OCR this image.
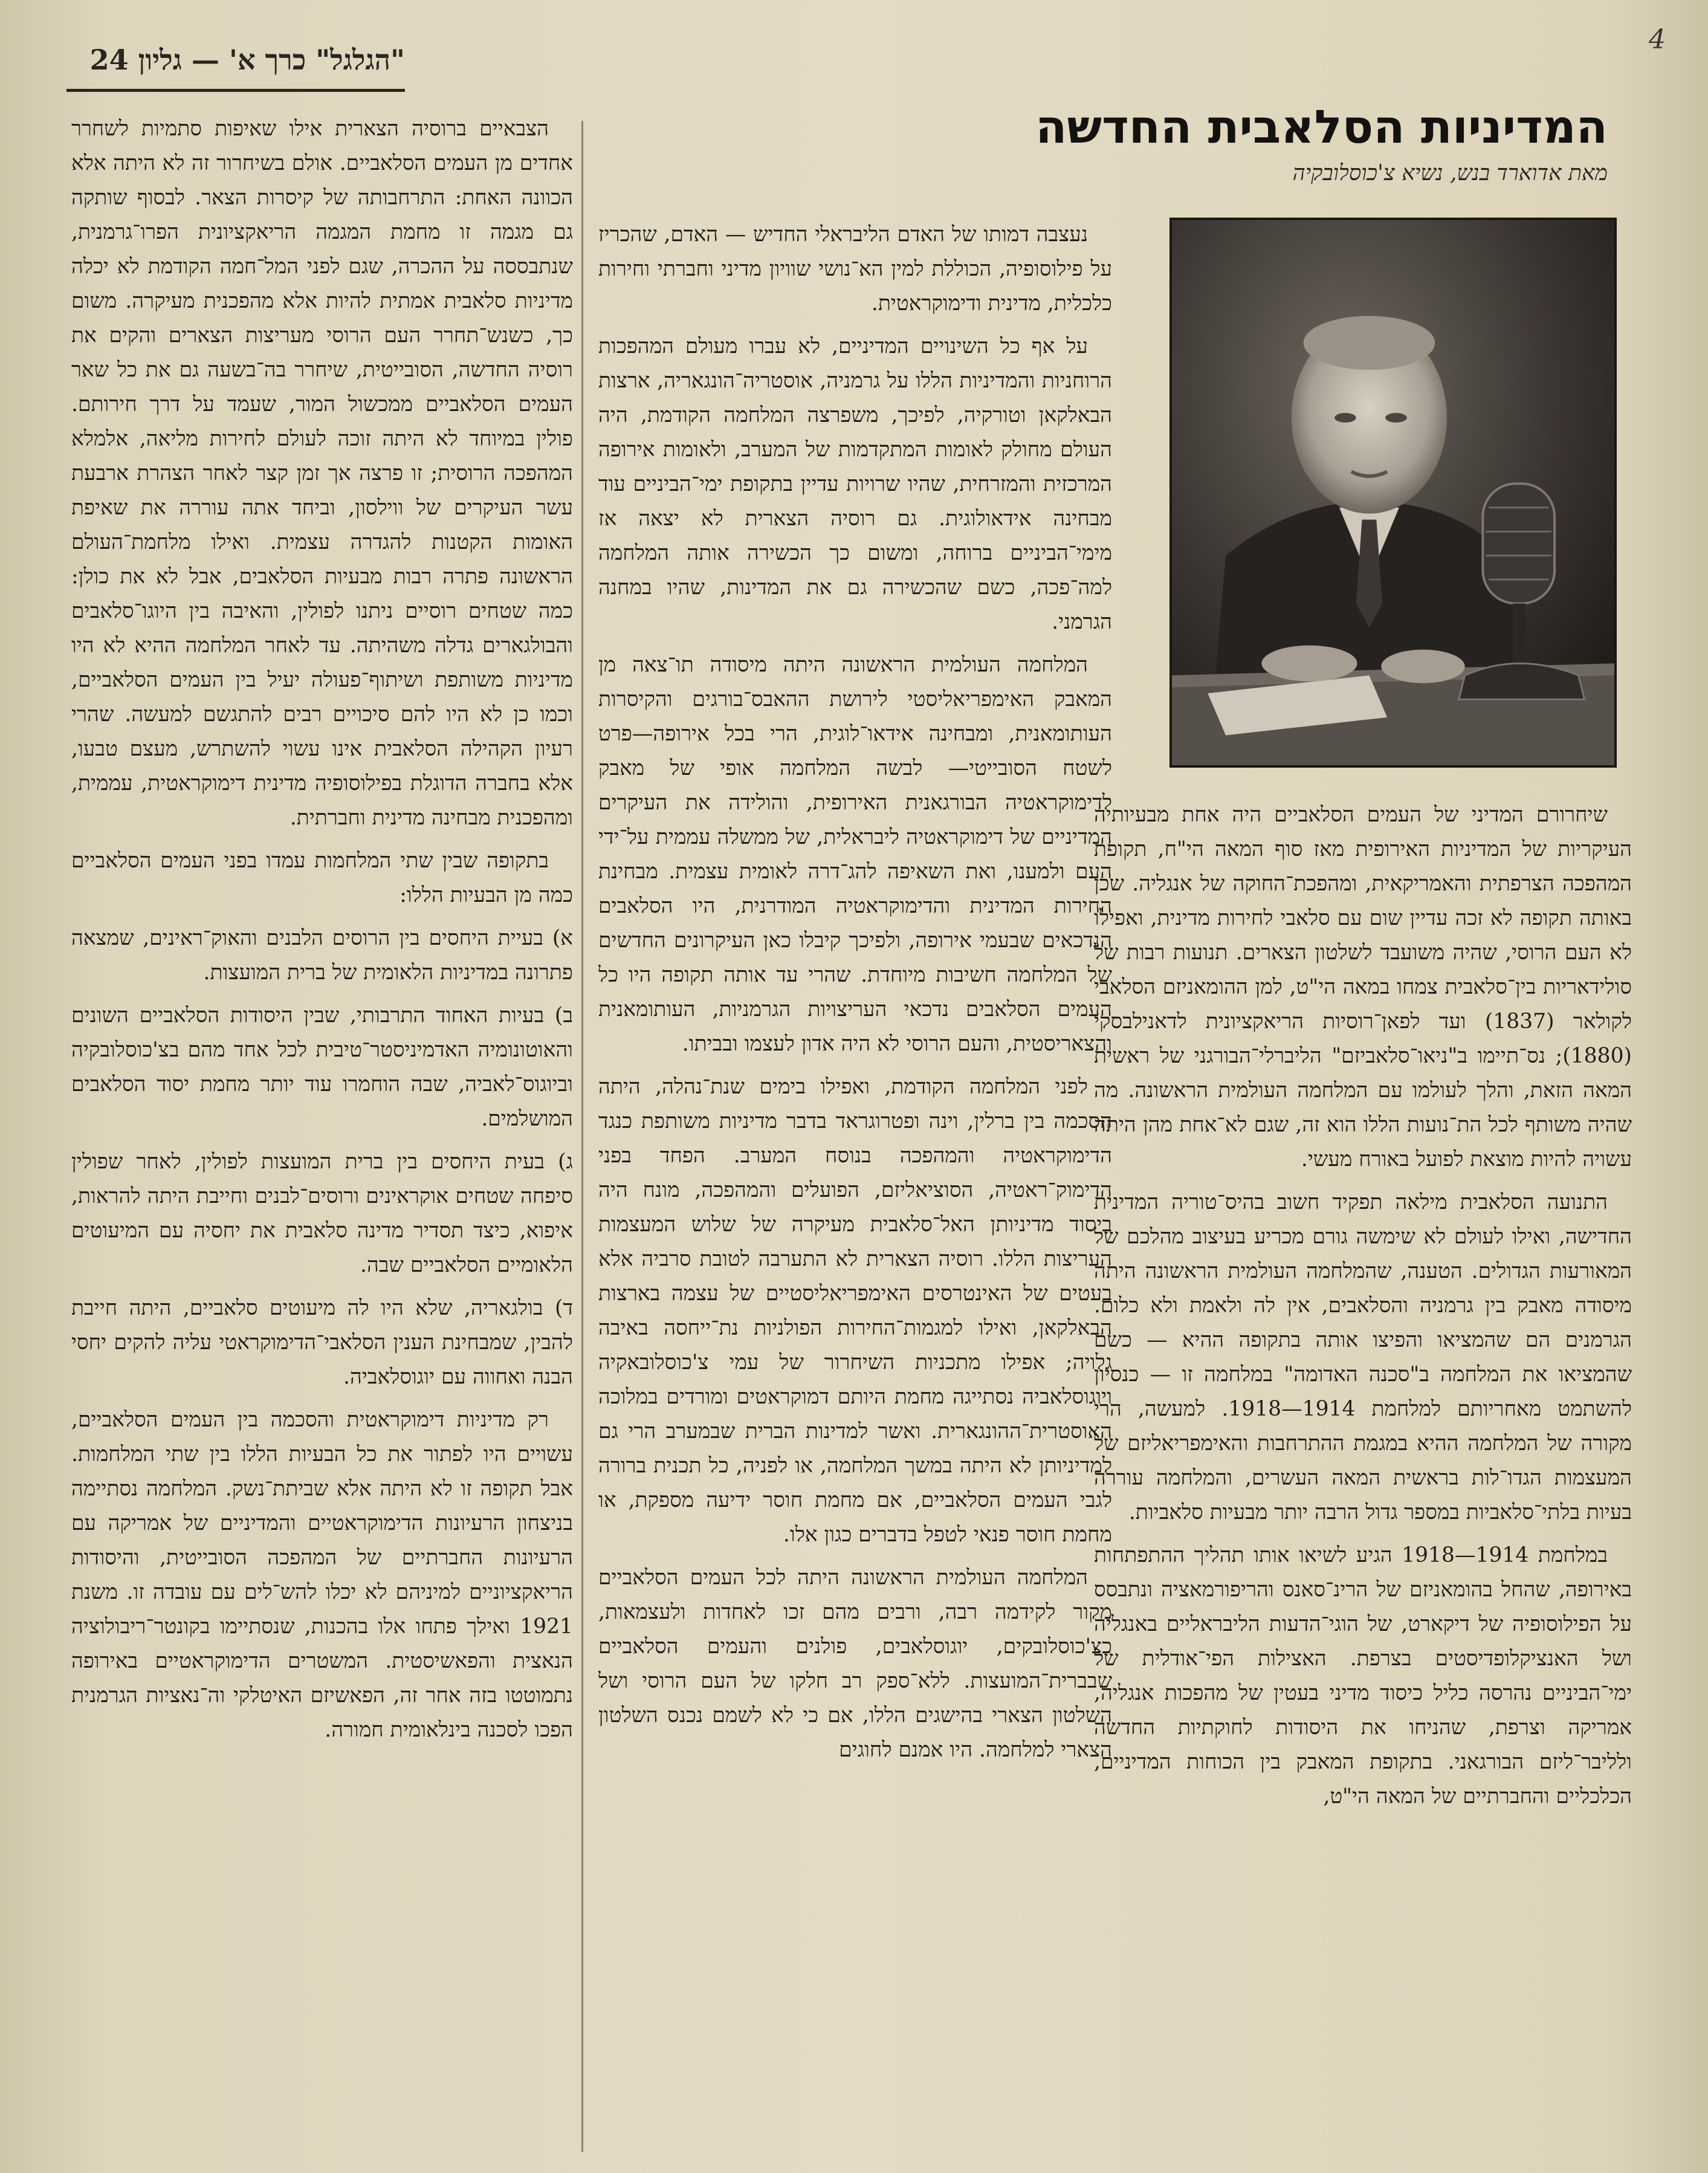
4
"הגלגל" כרך א' — גליון 24
המדיניות הסלאבית החדשה
מאת אדוארד בנש, נשיא צ'כוסלובקיה

נעצבה דמותו של האדם הליבראלי החדיש — האדם, שהכריז על פילוסופיה, הכוללת למין הא־נושי שוויון מדיני וחברתי וחירות כלכלית, מדינית ודימוקראטית.

על אף כל השינויים המדיניים, לא עברו מעולם המהפכות הרוחניות והמדיניות הללו על גרמניה, אוסטריה־הונגאריה, ארצות הבאלקאן וטורקיה, לפיכך, משפרצה המלחמה הקודמת, היה העולם מחולק לאומות המתקדמות של המערב, ולאומות אירופה המרכזית והמזרחית, שהיו שרויות עדיין בתקופת ימי־הביניים עוד מבחינה אידאולוגית. גם רוסיה הצארית לא יצאה אז מימי־הביניים ברוחה, ומשום כך הכשירה אותה המלחמה למה־פכה, כשם שהכשירה גם את המדינות, שהיו במחנה הגרמני.

המלחמה העולמית הראשונה היתה מיסודה תו־צאה מן המאבק האימפריאליסטי לירושת ההאבס־בורגים והקיסרות העותומאנית, ומבחינה אידאו־לוגית, הרי בכל אירופה—פרט לשטח הסובייטי— לבשה המלחמה אופי של מאבק לדימוקראטיה הבורגאנית האירופית, והולידה את העיקרים המדיניים של דימוקראטיה ליבראלית, של ממשלה עממית על־ידי העם ולמענו, ואת השאיפה להג־דרה לאומית עצמית. מבחינת החירות המדינית והדימוקראטיה המודרנית, היו הסלאבים הנדכאים שבעמי אירופה, ולפיכך קיבלו כאן העיקרונים החדשים של המלחמה חשיבות מיוחדת. שהרי עד אותה תקופה היו כל העמים הסלאבים נדכאי העריצויות הגרמניות, העותומאנית והצאריסטית, והעם הרוסי לא היה אדון לעצמו ובביתו.

לפני המלחמה הקודמת, ואפילו בימים שנת־נהלה, היתה הסכמה בין ברלין, וינה ופטרוגראד בדבר מדיניות משותפת כנגד הדימוקראטיה והמהפכה בנוסח המערב. הפחד בפני הדימוק־ראטיה, הסוציאליזם, הפועלים והמהפכה, מונח היה ביסוד מדיניותן האל־סלאבית מעיקרה של שלוש המעצמות העריצות הללו. רוסיה הצארית לא התערבה לטובת סרביה אלא בעטים של האינטרסים האימפריאליסטיים של עצמה בארצות הבאלקאן, ואילו למגמות־החירות הפולניות נת־ייחסה באיבה גלויה; אפילו מתכניות השיחרור של עמי צ'כוסלובאקיה ויוגוסלאביה נסתייגה מחמת היותם דמוקראטים ומורדים במלוכה האוסטרית־ההונגארית. ואשר למדינות הברית שבמערב הרי גם למדיניותן לא היתה במשך המלחמה, או לפניה, כל תכנית ברורה לגבי העמים הסלאביים, אם מחמת חוסר ידיעה מספקת, או מחמת חוסר פנאי לטפל בדברים כגון אלו.

המלחמה העולמית הראשונה היתה לכל העמים הסלאביים מקור לקידמה רבה, ורבים מהם זכו לאחדות ולעצמאות, כצ'כוסלובקים, יוגוסלאבים, פולנים והעמים הסלאביים שבברית־המועצות. ללא־ספק רב חלקו של העם הרוסי ושל השלטון הצארי בהישגים הללו, אם כי לא לשמם נכנס השלטון הצארי למלחמה. היו אמנם לחוגים

שיחרורם המדיני של העמים הסלאביים היה אחת מבעיותיה העיקריות של המדיניות האירופית מאז סוף המאה הי"ח, תקופת המהפכה הצרפתית והאמריקאית, ומהפכת־החוקה של אנגליה. שכן באותה תקופה לא זכה עדיין שום עם סלאבי לחירות מדינית, ואפילו לא העם הרוסי, שהיה משועבד לשלטון הצארים. תנועות רבות של סולידאריות בין־סלאבית צמחו במאה הי"ט, למן ההומאניזם הסלאבי לקולאר (1837) ועד לפאן־רוסיות הריאקציונית לדאנילבסקי (1880); נס־תיימו ב"ניאו־סלאביזם" הליברלי־הבורגני של ראשית המאה הזאת, והלך לעולמו עם המלחמה העולמית הראשונה. מה שהיה משותף לכל הת־נועות הללו הוא זה, שגם לא־אחת מהן היתה עשויה להיות מוצאת לפועל באורח מעשי.

התנועה הסלאבית מילאה תפקיד חשוב בהיס־טוריה המדינית החדישה, ואילו לעולם לא שימשה גורם מכריע בעיצוב מהלכם של המאורעות הגדולים. הטענה, שהמלחמה העולמית הראשונה היתה מיסודה מאבק בין גרמניה והסלאבים, אין לה ולאמת ולא כלום. הגרמנים הם שהמציאו והפיצו אותה בתקופה ההיא — כשם שהמציאו את המלחמה ב"סכנה האדומה" במלחמה זו — כנסיון להשתמט מאחריותם למלחמת 1914—1918. למעשה, הרי מקורה של המלחמה ההיא במגמת ההתרחבות והאימפריאליזם של המעצמות הגדו־לות בראשית המאה העשרים, והמלחמה עוררה בעיות בלתי־סלאביות במספר גדול הרבה יותר מבעיות סלאביות.

במלחמת 1914—1918 הגיע לשיאו אותו תהליך ההתפתחות באירופה, שהחל בהומאניזם של הרינ־סאנס והריפורמאציה ונתבסס על הפילוסופיה של דיקארט, של הוגי־הדעות הליבראליים באנגליה ושל האנציקלופדיסטים בצרפת. האצילות הפי־אודלית של ימי־הביניים נהרסה כליל כיסוד מדיני בעטין של מהפכות אנגליה, אמריקה וצרפת, שהניחו את היסודות לחוקתיות החדשה ולליבר־ליזם הבורגאני. בתקופת המאבק בין הכוחות המדיניים, הכלכליים והחברתיים של המאה הי"ט,

הצבאיים ברוסיה הצארית אילו שאיפות סתמיות לשחרר אחדים מן העמים הסלאביים. אולם בשיחרור זה לא היתה אלא הכוונה האחת: התרחבותה של קיסרות הצאר. לבסוף שותקה גם מגמה זו מחמת המגמה הריאקציונית הפרו־גרמנית, שנתבססה על ההכרה, שגם לפני המל־חמה הקודמת לא יכלה מדיניות סלאבית אמתית להיות אלא מהפכנית מעיקרה. משום כך, כשנש־תחרר העם הרוסי מעריצות הצארים והקים את רוסיה החדשה, הסובייטית, שיחרר בה־בשעה גם את כל שאר העמים הסלאביים ממכשול המור, שעמד על דרך חירותם. פולין במיוחד לא היתה זוכה לעולם לחירות מליאה, אלמלא המהפכה הרוסית; זו פרצה אך זמן קצר לאחר הצהרת ארבעת עשר העיקרים של ווילסון, וביחד אתה עוררה את שאיפת האומות הקטנות להגדרה עצמית. ואילו מלחמת־העולם הראשונה פתרה רבות מבעיות הסלאבים, אבל לא את כולן: כמה שטחים רוסיים ניתנו לפולין, והאיבה בין היוגו־סלאבים והבולגארים גדלה משהיתה. עד לאחר המלחמה ההיא לא היו מדיניות משותפת ושיתוף־פעולה יעיל בין העמים הסלאביים, וכמו כן לא היו להם סיכויים רבים להתגשם למעשה. שהרי רעיון הקהילה הסלאבית אינו עשוי להשתרש, מעצם טבעו, אלא בחברה הדוגלת בפילוסופיה מדינית דימוקראטית, עממית, ומהפכנית מבחינה מדינית וחברתית.

בתקופה שבין שתי המלחמות עמדו בפני העמים הסלאביים כמה מן הבעיות הללו:

א) בעיית היחסים בין הרוסים הלבנים והאוק־ראינים, שמצאה פתרונה במדיניות הלאומית של ברית המועצות.

ב) בעיות האחוד התרבותי, שבין היסודות הסלאביים השונים והאוטונומיה האדמיניסטר־טיבית לכל אחד מהם בצ'כוסלובקיה וביוגוס־לאביה, שבה הוחמרו עוד יותר מחמת יסוד הסלאבים המושלמים.

ג) בעית היחסים בין ברית המועצות לפולין, לאחר שפולין סיפחה שטחים אוקראינים ורוסים־לבנים וחייבת היתה להראות, איפוא, כיצד תסדיר מדינה סלאבית את יחסיה עם המיעוטים הלאומיים הסלאביים שבה.

ד) בולגאריה, שלא היו לה מיעוטים סלאביים, היתה חייבת להבין, שמבחינת הענין הסלאבי־הדימוקראטי עליה להקים יחסי הבנה ואחווה עם יוגוסלאביה.

רק מדיניות דימוקראטית והסכמה בין העמים הסלאביים, עשויים היו לפתור את כל הבעיות הללו בין שתי המלחמות. אבל תקופה זו לא היתה אלא שביתת־נשק. המלחמה נסתיימה בניצחון הרעיונות הדימוקראטיים והמדיניים של אמריקה עם הרעיונות החברתיים של המהפכה הסובייטית, והיסודות הריאקציוניים למיניהם לא יכלו להש־לים עם עובדה זו. משנת 1921 ואילך פתחו אלו בהכנות, שנסתיימו בקונטר־ריבולוציה הנאצית והפאשיסטית. המשטרים הדימוקראטיים באירופה נתמוטטו בזה אחר זה, הפאשיזם האיטלקי וה־נאציות הגרמנית הפכו לסכנה בינלאומית חמורה.
